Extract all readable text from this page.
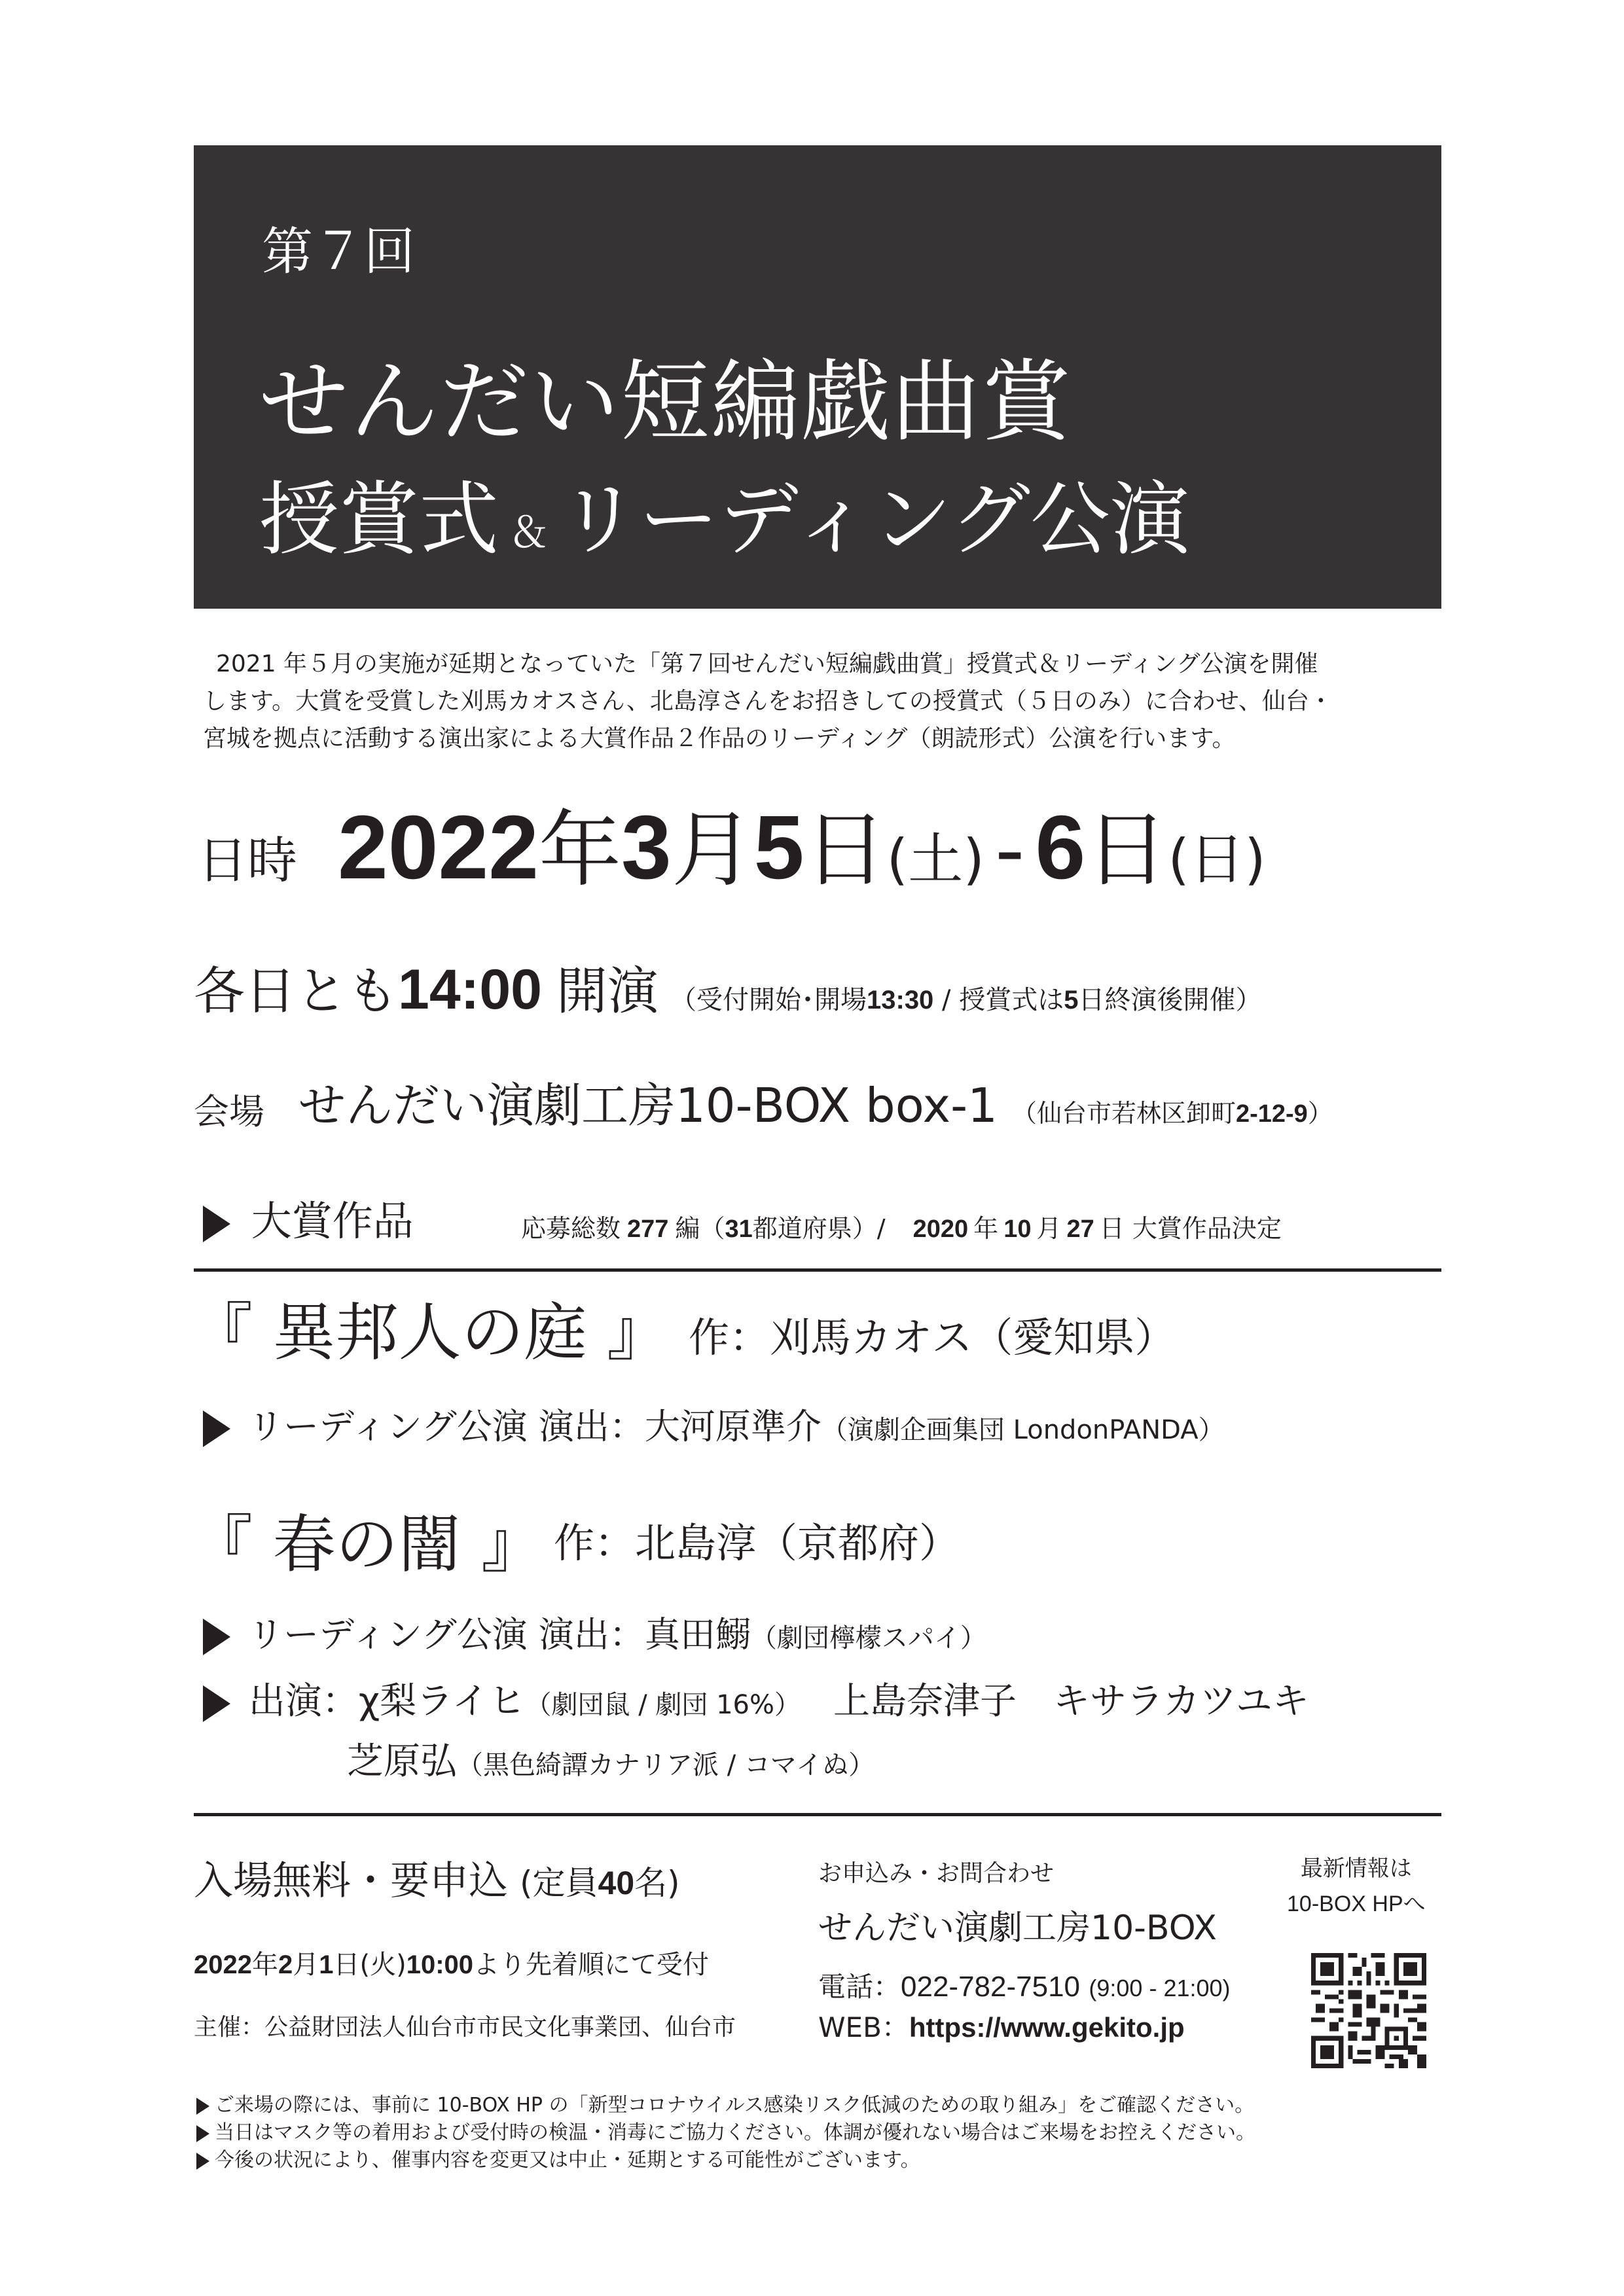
第７回
せんだい短編戯曲賞
授賞式 ＆ リーディング公演
2021 年５月の実施が延期となっていた「第７回せんだい短編戯曲賞」授賞式＆リーディング公演を開催
します。大賞を受賞した刈馬カオスさん、北島淳さんをお招きしての授賞式（５日のみ）に合わせ、仙台・
宮城を拠点に活動する演出家による大賞作品２作品のリーディング（朗読形式）公演を行います。
日時 2022年3月5日(土) - 6日(日)
各日とも14:00 開演 （受付開始･開場13:30 / 授賞式は5日終演後開催）
会場 せんだい演劇工房10-BOX box-1 （仙台市若林区卸町2-12-9）
大賞作品	応募総数 277 編（31都道府県）/ 2020 年 10 月 27 日 大賞作品決定
『 異邦人の庭 』 作：刈馬カオス（愛知県）
リーディング公演 演出：大河原準介（演劇企画集団 LondonPANDA）
『 春の闇 』 作：北島淳（京都府）
リーディング公演 演出：真田鰯（劇団檸檬スパイ）
出演：χ梨ライヒ（劇団鼠 / 劇団 16%） 上島奈津子　キサラカツユキ
芝原弘（黒色綺譚カナリア派 / コマイぬ）
入場無料・要申込 (定員40名)
2022年2月1日(火)10:00より先着順にて受付
主催：公益財団法人仙台市市民文化事業団、仙台市
お申込み・お問合わせ
せんだい演劇工房10-BOX
電話：022-782-7510 (9:00 - 21:00)
WEB：https://www.gekito.jp
最新情報は
10-BOX HPへ
ご来場の際には、事前に 10-BOX HP の「新型コロナウイルス感染リスク低減のための取り組み」をご確認ください。
当日はマスク等の着用および受付時の検温・消毒にご協力ください。体調が優れない場合はご来場をお控えください。
今後の状況により、催事内容を変更又は中止・延期とする可能性がございます。
